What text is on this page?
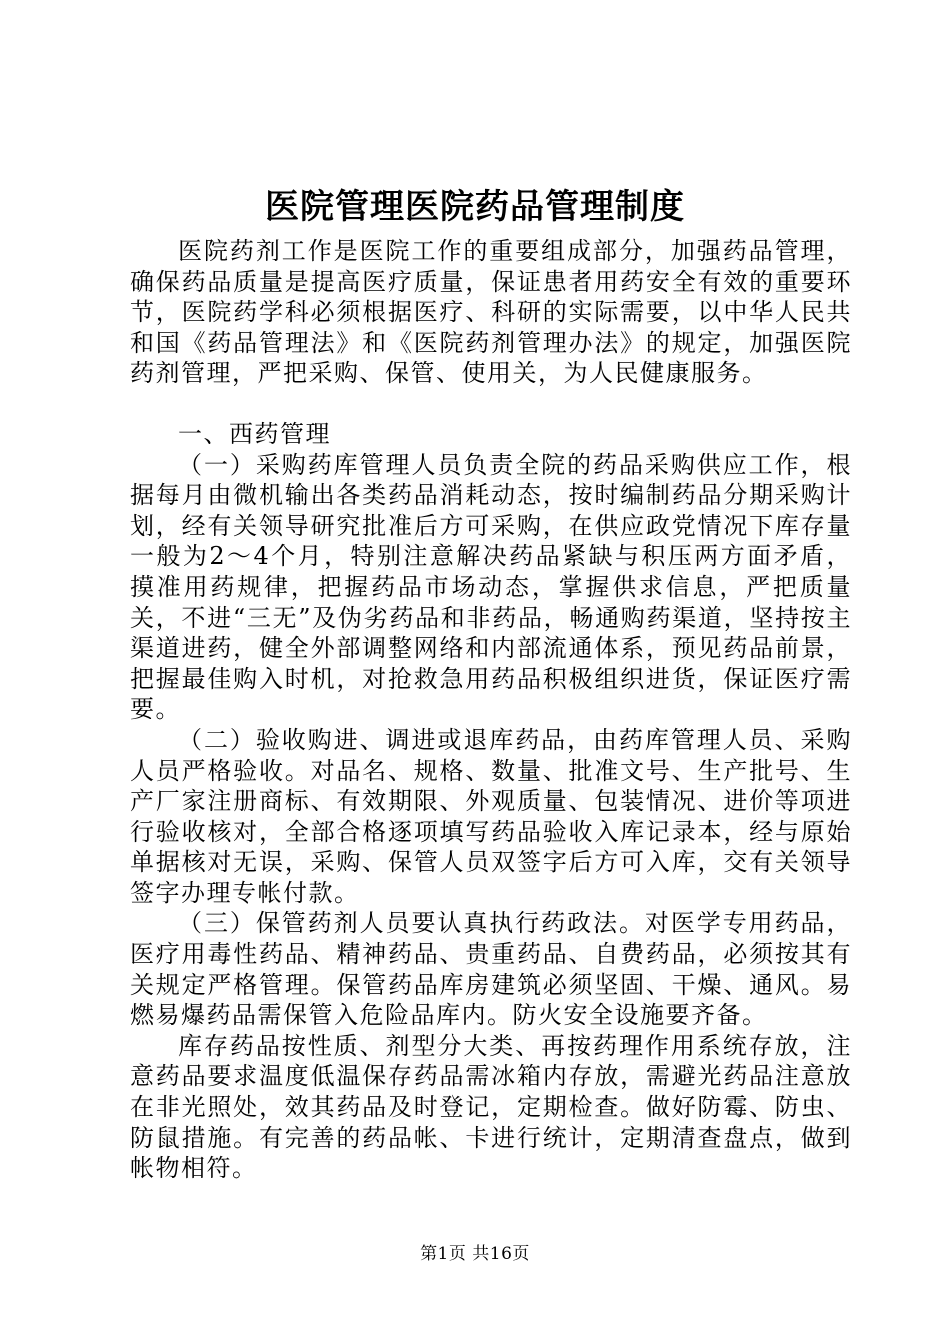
医院管理医院药品管理制度

医院药剂工作是医院工作的重要组成部分，加强药品管理，确保药品质量是提高医疗质量，保证患者用药安全有效的重要环节，医院药学科必须根据医疗、科研的实际需要，以中华人民共和国《药品管理法》和《医院药剂管理办法》的规定，加强医院药剂管理，严把采购、保管、使用关，为人民健康服务。

一、西药管理

（一）采购药库管理人员负责全院的药品采购供应工作，根据每月由微机输出各类药品消耗动态，按时编制药品分期采购计划，经有关领导研究批准后方可采购，在供应政党情况下库存量一般为2～4个月，特别注意解决药品紧缺与积压两方面矛盾，摸准用药规律，把握药品市场动态，掌握供求信息，严把质量关，不进“三无”及伪劣药品和非药品，畅通购药渠道，坚持按主渠道进药，健全外部调整网络和内部流通体系，预见药品前景，把握最佳购入时机，对抢救急用药品积极组织进货，保证医疗需要。

（二）验收购进、调进或退库药品，由药库管理人员、采购人员严格验收。对品名、规格、数量、批准文号、生产批号、生产厂家注册商标、有效期限、外观质量、包装情况、进价等项进行验收核对，全部合格逐项填写药品验收入库记录本，经与原始单据核对无误，采购、保管人员双签字后方可入库，交有关领导签字办理专帐付款。

（三）保管药剂人员要认真执行药政法。对医学专用药品，医疗用毒性药品、精神药品、贵重药品、自费药品，必须按其有关规定严格管理。保管药品库房建筑必须坚固、干燥、通风。易燃易爆药品需保管入危险品库内。防火安全设施要齐备。

库存药品按性质、剂型分大类、再按药理作用系统存放，注意药品要求温度低温保存药品需冰箱内存放，需避光药品注意放在非光照处，效其药品及时登记，定期检查。做好防霉、防虫、防鼠措施。有完善的药品帐、卡进行统计，定期清查盘点，做到帐物相符。

第1页 共16页
